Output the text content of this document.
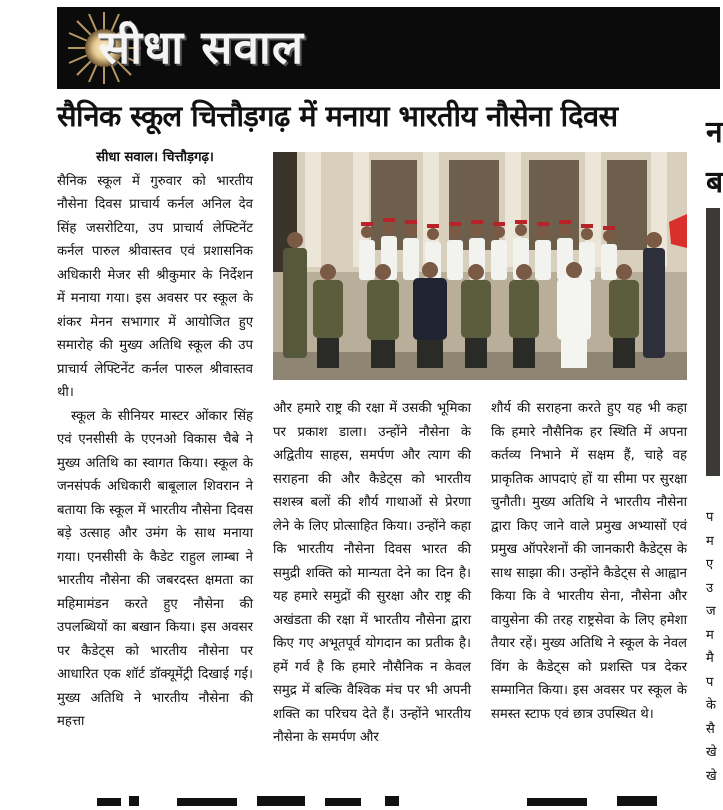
सीधा सवाल
न
ब
प
म
ए
उ
ज
म
मै
प
के
सै
खे
खे
सैनिक स्कूल चित्तौड़गढ़ में मनाया भारतीय नौसेना दिवस

सीधा सवाल। चित्तौड़गढ़।

सैनिक स्कूल में गुरुवार को भारतीय नौसेना दिवस प्राचार्य कर्नल अनिल देव सिंह जसरोटिया, उप प्राचार्य लेफ्टिनेंट कर्नल पारुल श्रीवास्तव एवं प्रशासनिक अधिकारी मेजर सी श्रीकुमार के निर्देशन में मनाया गया। इस अवसर पर स्कूल के शंकर मेनन सभागार में आयोजित हुए समारोह की मुख्य अतिथि स्कूल की उप प्राचार्य लेफ्टिनेंट कर्नल पारुल श्रीवास्तव थी।

स्कूल के सीनियर मास्टर ओंकार सिंह एवं एनसीसी के एएनओ विकास चैबे ने मुख्य अतिथि का स्वागत किया। स्कूल के जनसंपर्क अधिकारी बाबूलाल शिवरान ने बताया कि स्कूल में भारतीय नौसेना दिवस बड़े उत्साह और उमंग के साथ मनाया गया। एनसीसी के कैडेट राहुल लाम्बा ने भारतीय नौसेना की जबरदस्त क्षमता का महिमामंडन करते हुए नौसेना की उपलब्धियों का बखान किया। इस अवसर पर कैडेट्स को भारतीय नौसेना पर आधारित एक शॉर्ट डॉक्यूमेंट्री दिखाई गई। मुख्य अतिथि ने भारतीय नौसेना की महत्ता

और हमारे राष्ट्र की रक्षा में उसकी भूमिका पर प्रकाश डाला। उन्होंने नौसेना के अद्वितीय साहस, समर्पण और त्याग की सराहना की और कैडेट्स को भारतीय सशस्त्र बलों की शौर्य गाथाओं से प्रेरणा लेने के लिए प्रोत्साहित किया। उन्होंने कहा कि भारतीय नौसेना दिवस भारत की समुद्री शक्ति को मान्यता देने का दिन है। यह हमारे समुद्रों की सुरक्षा और राष्ट्र की अखंडता की रक्षा में भारतीय नौसेना द्वारा किए गए अभूतपूर्व योगदान का प्रतीक है। हमें गर्व है कि हमारे नौसैनिक न केवल समुद्र में बल्कि वैश्विक मंच पर भी अपनी शक्ति का परिचय देते हैं। उन्होंने भारतीय नौसेना के समर्पण और

शौर्य की सराहना करते हुए यह भी कहा कि हमारे नौसैनिक हर स्थिति में अपना कर्तव्य निभाने में सक्षम हैं, चाहे वह प्राकृतिक आपदाएं हों या सीमा पर सुरक्षा चुनौती। मुख्य अतिथि ने भारतीय नौसेना द्वारा किए जाने वाले प्रमुख अभ्यासों एवं प्रमुख ऑपरेशनों की जानकारी कैडेट्स के साथ साझा की। उन्होंने कैडेट्स से आह्वान किया कि वे भारतीय सेना, नौसेना और वायुसेना की तरह राष्ट्रसेवा के लिए हमेशा तैयार रहें। मुख्य अतिथि ने स्कूल के नेवल विंग के कैडेट्स को प्रशस्ति पत्र देकर सम्मानित किया। इस अवसर पर स्कूल के समस्त स्टाफ एवं छात्र उपस्थित थे।
